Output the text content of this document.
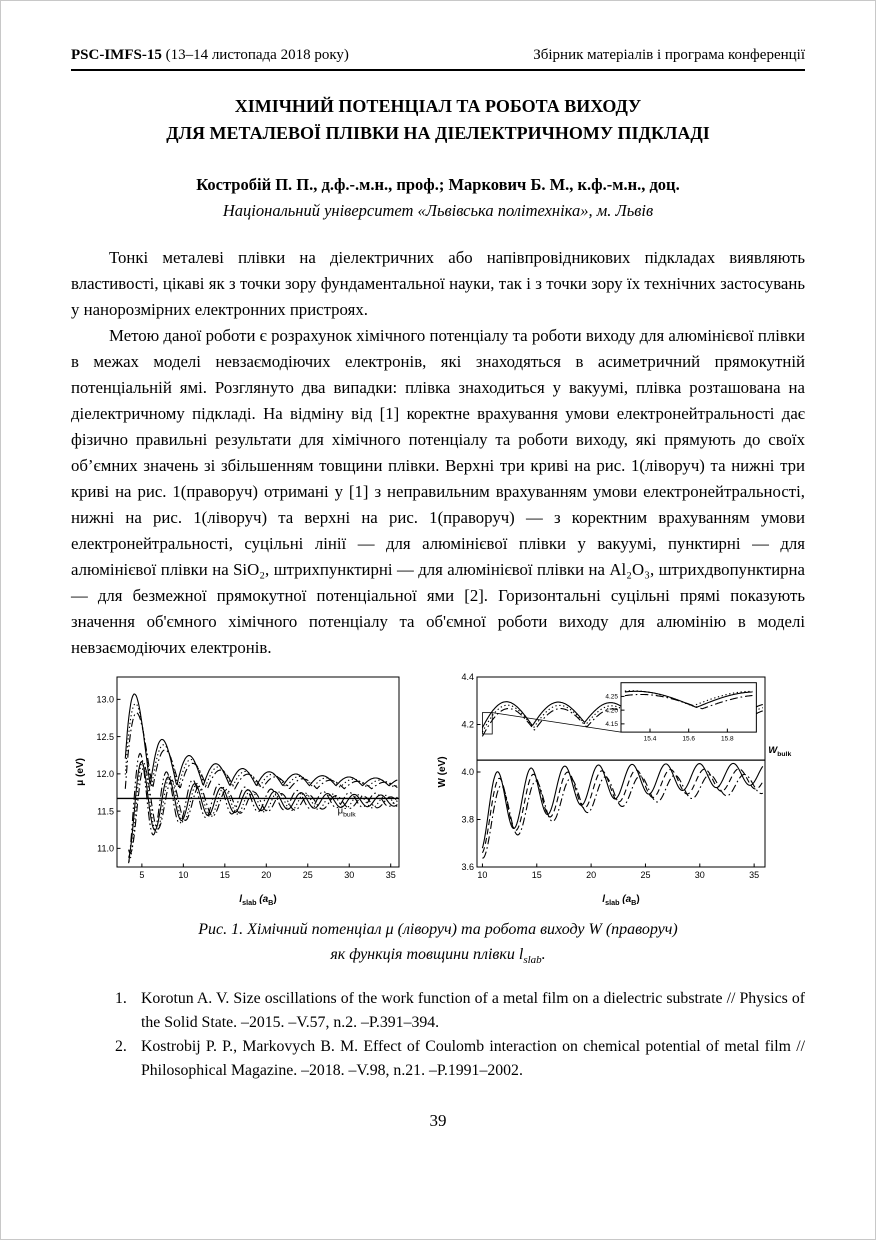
PSC-IMFS-15 (13–14 листопада 2018 року)	Збірник матеріалів і програма конференції
ХІМІЧНИЙ ПОТЕНЦІАЛ ТА РОБОТА ВИХОДУ
ДЛЯ МЕТАЛЕВОЇ ПЛІВКИ НА ДІЕЛЕКТРИЧНОМУ ПІДКЛАДІ
Костробій П. П., д.ф.-.м.н., проф.; Маркович Б. М., к.ф.-м.н., доц.
Національний університет «Львівська політехніка», м. Львів

Тонкі металеві плівки на діелектричних або напівпровідникових підкладах виявляють властивості, цікаві як з точки зору фундаментальної науки, так і з точки зору їх технічних застосувань у нанорозмірних електронних пристроях.

Метою даної роботи є розрахунок хімічного потенціалу та роботи виходу для алюмінієвої плівки в межах моделі невзаємодіючих електронів, які знаходяться в асиметричний прямокутній потенціальній ямі. Розглянуто два випадки: плівка знаходиться у вакуумі, плівка розташована на діелектричному підкладі. На відміну від [1] коректне врахування умови електронейтральності дає фізично правильні результати для хімічного потенціалу та роботи виходу, які прямують до своїх об’ємних значень зі збільшенням товщини плівки. Верхні три криві на рис. 1(ліворуч) та нижні три криві на рис. 1(праворуч) отримані у [1] з неправильним врахуванням умови електронейтральності, нижні на рис. 1(ліворуч) та верхні на рис. 1(праворуч) — з коректним врахуванням умови електронейтральності, суцільні лінії — для алюмінієвої плівки у вакуумі, пунктирні — для алюмінієвої плівки на SiO₂, штрихпунктирні — для алюмінієвої плівки на Al₂O₃, штрихдвопунктирна — для безмежної прямокутної потенціальної ями [2]. Горизонтальні суцільні прямі показують значення об'ємного хімічного потенціалу та об'ємної роботи виходу для алюмінію в моделі невзаємодіючих електронів.

5	10	15	20	25	30	35
11.0
11.5
12.0
12.5
13.0
$\mu_{bulk}$
$l_{slab}$ $(a_B)$
μ (eV)
10	15	20	25	30	35
3.6
3.8
4.0
4.2
4.4
$W_{bulk}$
$l_{slab}$ $(a_B)$
W (eV)
15.4	15.6	15.8
4.15
4.20
4.25
Рис. 1. Хімічний потенціал μ (ліворуч) та робота виходу W (праворуч)
як функція товщини плівки $l_{slab}$.
1. Korotun A. V. Size oscillations of the work function of a metal film on a dielectric substrate // Physics of the Solid State. –2015. –V.57, n.2. –P.391–394.
2. Kostrobij P. P., Markovych B. M. Effect of Coulomb interaction on chemical potential of metal film // Philosophical Magazine. –2018. –V.98, n.21. –P.1991–2002.
39
